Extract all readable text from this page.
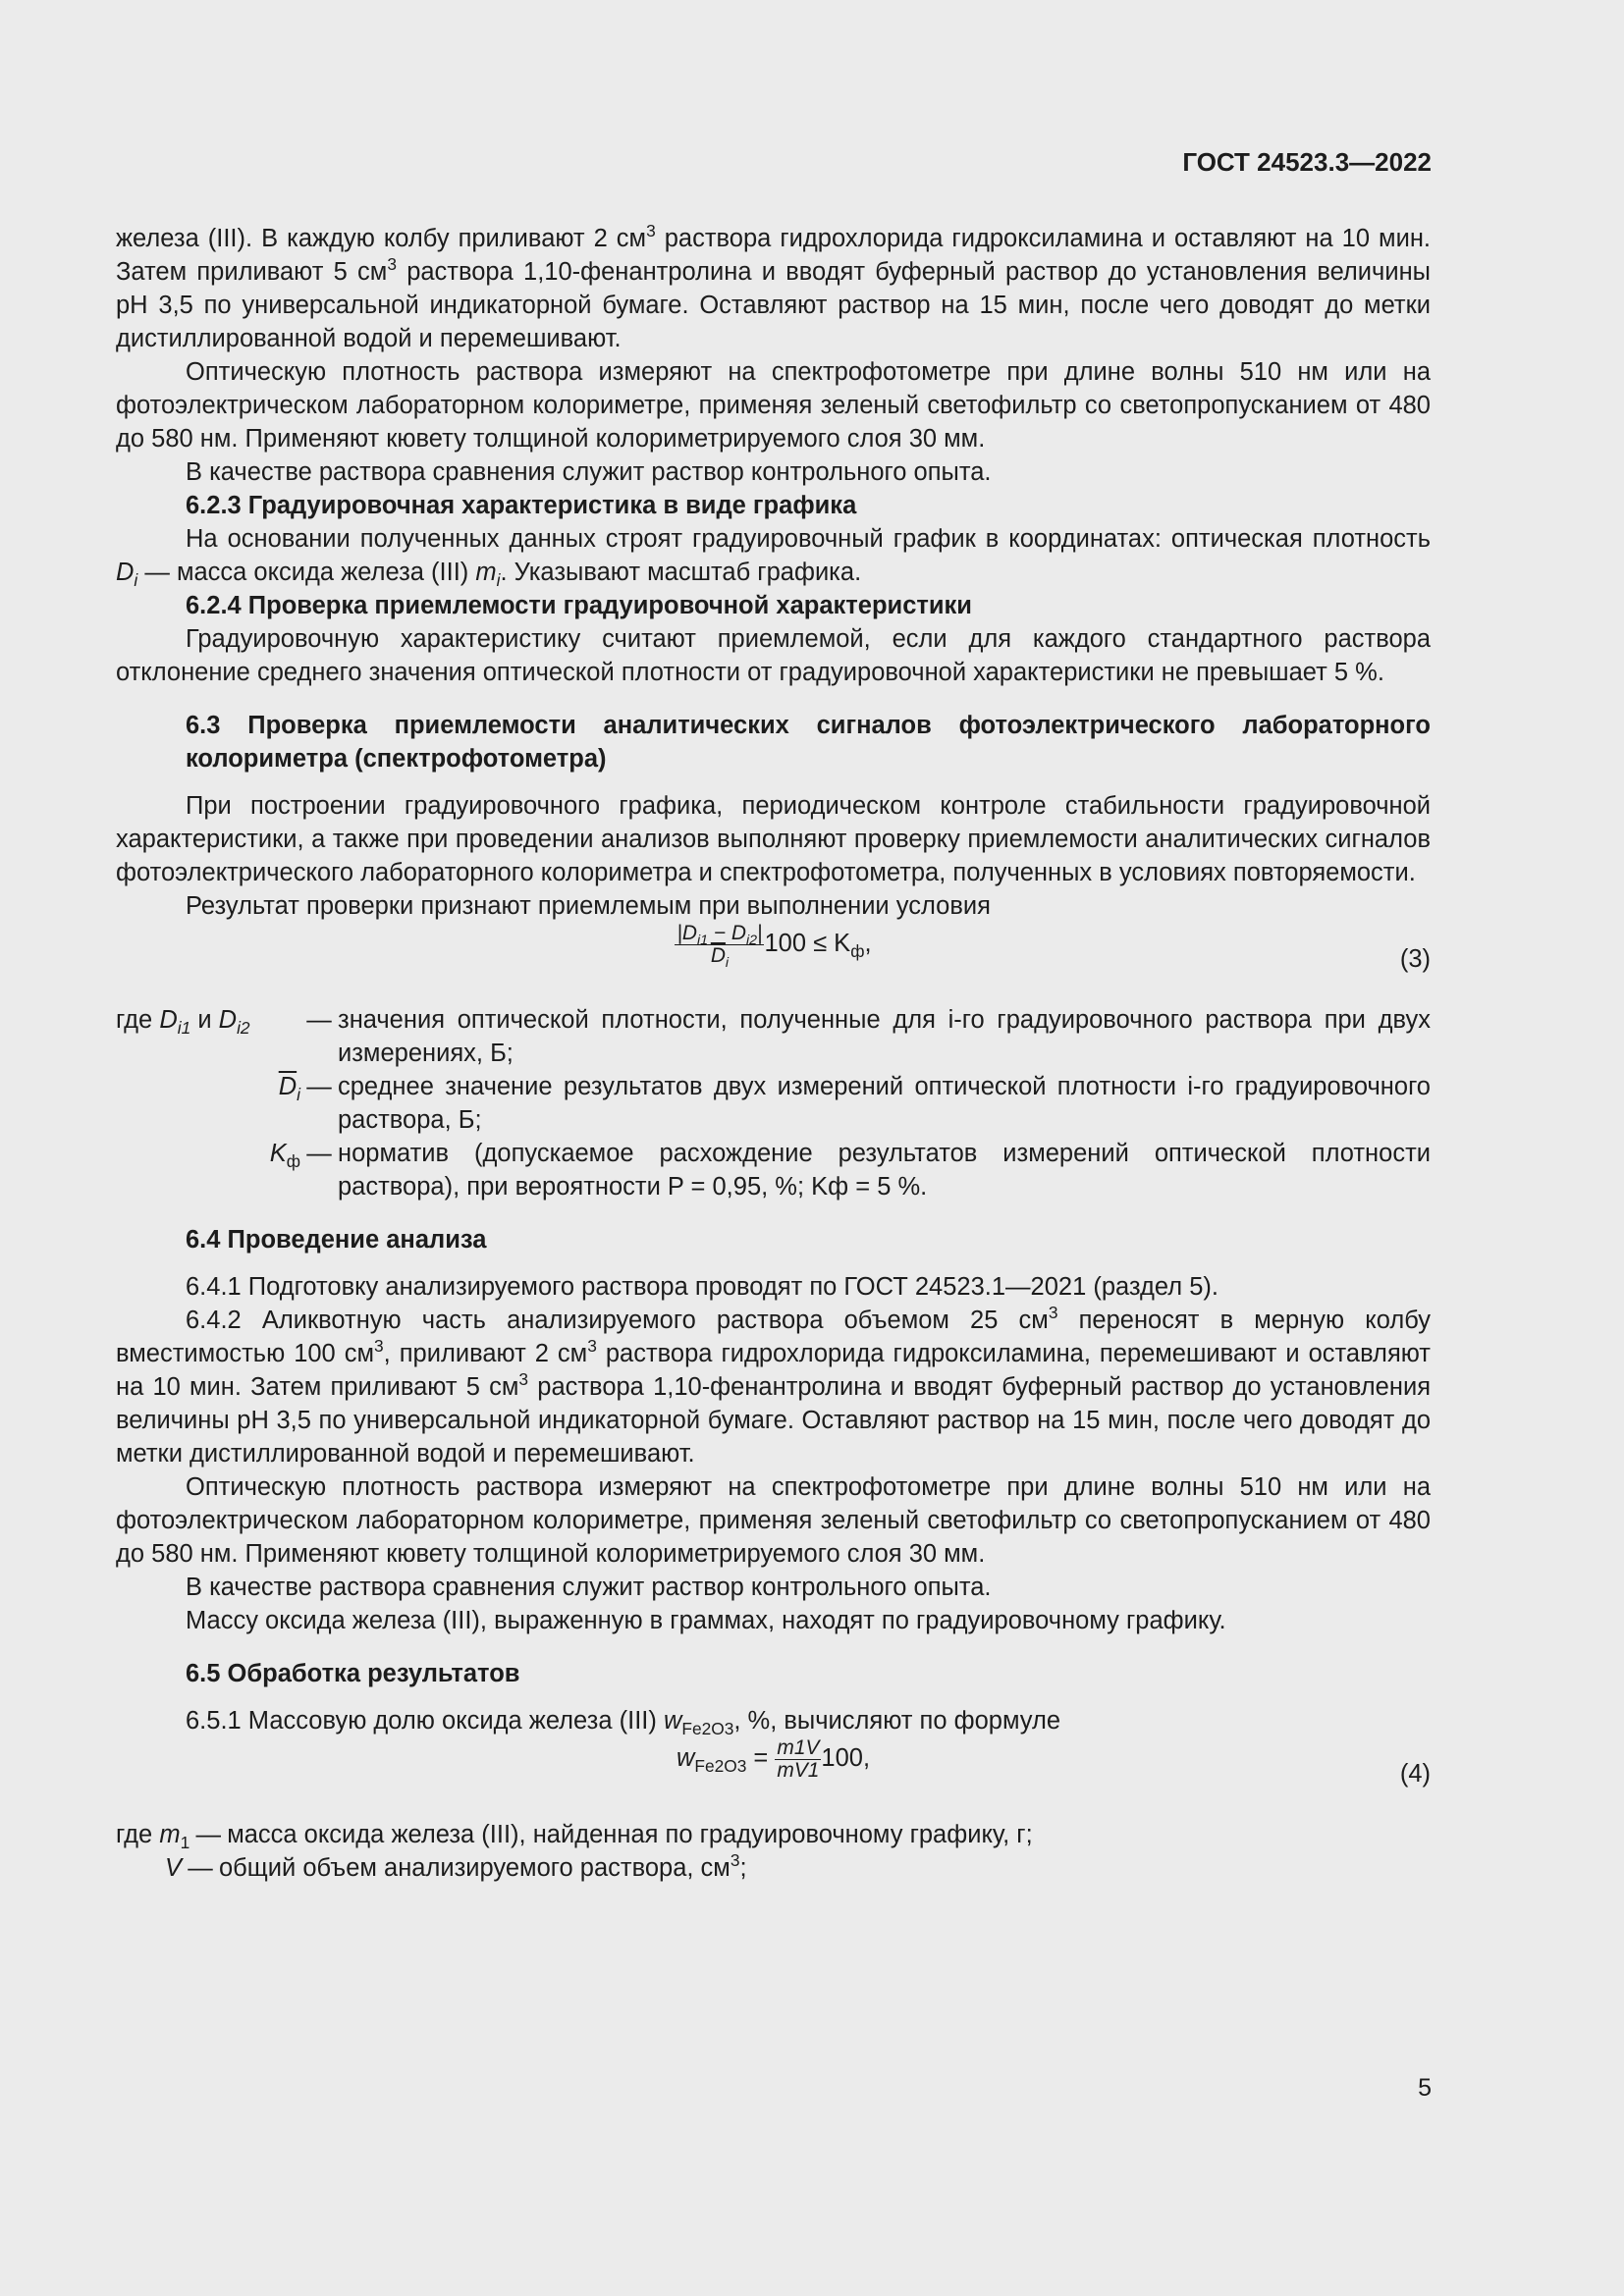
ГОСТ 24523.3—2022

железа (III). В каждую колбу приливают 2 $см^3$ раствора гидрохлорида гидроксиламина и оставляют на 10 мин. Затем приливают 5 $см^3$ раствора 1,10-фенантролина и вводят буферный раствор до установления величины pH 3,5 по универсальной индикаторной бумаге. Оставляют раствор на 15 мин, после чего доводят до метки дистиллированной водой и перемешивают.

Оптическую плотность раствора измеряют на спектрофотометре при длине волны 510 нм или на фотоэлектрическом лабораторном колориметре, применяя зеленый светофильтр со светопропусканием от 480 до 580 нм. Применяют кювету толщиной колориметрируемого слоя 30 мм.

В качестве раствора сравнения служит раствор контрольного опыта.

6.2.3 Градуировочная характеристика в виде графика

На основании полученных данных строят градуировочный график в координатах: оптическая плотность $D_i$ — масса оксида железа (III) $m_i$. Указывают масштаб графика.

6.2.4 Проверка приемлемости градуировочной характеристики

Градуировочную характеристику считают приемлемой, если для каждого стандартного раствора отклонение среднего значения оптической плотности от градуировочной характеристики не превышает 5 %.

6.3 Проверка приемлемости аналитических сигналов фотоэлектрического лабораторного колориметра (спектрофотометра)

При построении градуировочного графика, периодическом контроле стабильности градуировочной характеристики, а также при проведении анализов выполняют проверку приемлемости аналитических сигналов фотоэлектрического лабораторного колориметра и спектрофотометра, полученных в условиях повторяемости.

Результат проверки признают приемлемым при выполнении условия

$\frac{|D_{i1} - D_{i2}|}{\overline{D}_i} 100 \le K_ф$,
(3)
где $D_{i1}$ и $D_{i2}$	— значения оптической плотности, полученные для i-го градуировочного раствора при двух измерениях, Б;
$\overline{D}_i$ — среднее значение результатов двух измерений оптической плотности i-го градуировочного раствора, Б;
$K_ф$ — норматив (допускаемое расхождение результатов измерений оптической плотности раствора), при вероятности P = 0,95, %; Kф = 5 %.

6.4 Проведение анализа

6.4.1 Подготовку анализируемого раствора проводят по ГОСТ 24523.1—2021 (раздел 5).

6.4.2 Аликвотную часть анализируемого раствора объемом 25 $см^3$ переносят в мерную колбу вместимостью 100 $см^3$, приливают 2 $см^3$ раствора гидрохлорида гидроксиламина, перемешивают и оставляют на 10 мин. Затем приливают 5 $см^3$ раствора 1,10-фенантролина и вводят буферный раствор до установления величины pH 3,5 по универсальной индикаторной бумаге. Оставляют раствор на 15 мин, после чего доводят до метки дистиллированной водой и перемешивают.

Оптическую плотность раствора измеряют на спектрофотометре при длине волны 510 нм или на фотоэлектрическом лабораторном колориметре, применяя зеленый светофильтр со светопропусканием от 480 до 580 нм. Применяют кювету толщиной колориметрируемого слоя 30 мм.

В качестве раствора сравнения служит раствор контрольного опыта.

Массу оксида железа (III), выраженную в граммах, находят по градуировочному графику.

6.5 Обработка результатов

6.5.1 Массовую долю оксида железа (III) $w_{Fe2O3}$, %, вычисляют по формуле

$w_{Fe2O3} = \frac{m1V}{mV1} 100$,
(4)
где $m_1$ — масса оксида железа (III), найденная по градуировочному графику, г;
V — общий объем анализируемого раствора, $см^3$;
5
